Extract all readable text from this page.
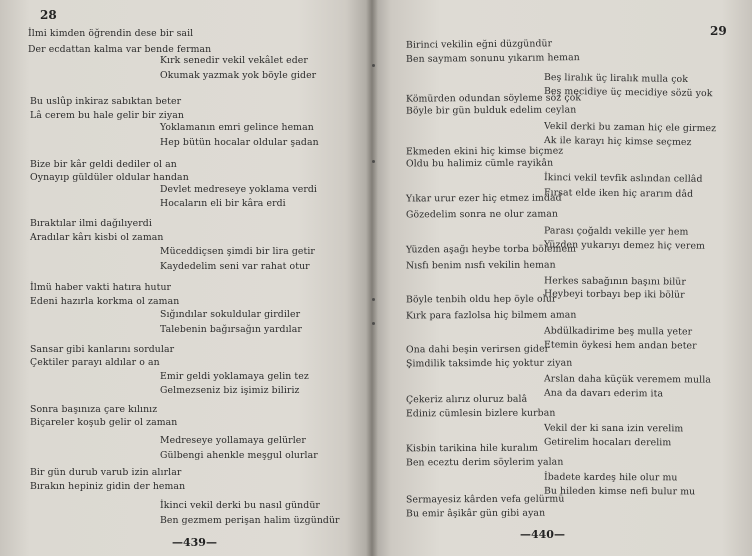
28
İlmi kimden öğrendin dese bir sail
Der ecdattan kalma var bende ferman
Kırk senedir vekil vekâlet eder
Okumak yazmak yok böyle gider
Bu uslûp inkiraz sabıktan beter
Lâ cerem bu hale gelir bir ziyan
Yoklamanın emri gelince heman
Hep bütün hocalar oldular şadan
Bize bir kâr geldi dediler ol an
Oynayıp güldüler oldular handan
Devlet medreseye yoklama verdi
Hocaların eli bir kâra erdi
Bıraktılar ilmi dağılıyerdi
Aradılar kârı kisbi ol zaman
Müceddiçsen şimdi bir lira getir
Kaydedelim seni var rahat otur
İlmü haber vakti hatıra hutur
Edeni hazırla korkma ol zaman
Sığındılar sokuldular girdiler
Talebenin bağırsağın yardılar
Sansar gibi kanlarını sordular
Çektiler parayı aldılar o an
Emir geldi yoklamaya gelin tez
Gelmezseniz biz işimiz biliriz
Sonra başınıza çare kılınız
Biçareler koşub gelir ol zaman
Medreseye yollamaya gelürler
Gülbengi ahenkle meşgul olurlar
Bir gün durub varub izin alırlar
Bırakın hepiniz gidin der heman
İkinci vekil derki bu nasıl gündür
Ben gezmem perişan halim üzgündür
—439—
29
Birinci vekilin eğni düzgündür
Ben saymam sonunu yıkarım heman
Beş liralık üç liralık mulla çok
Beş mecidiye üç mecidiye sözü yok
Kömürden odundan söyleme söz çok
Böyle bir gün bulduk edelim ceylan
Vekil derki bu zaman hiç ele girmez
Ak ile karayı hiç kimse seçmez
Ekmeden ekini hiç kimse biçmez
Oldu bu halimiz cümle rayikân
İkinci vekil tevfik aslından cellâd
Fırsat elde iken hiç ararım dâd
Yıkar urur ezer hiç etmez imdad
Gözedelim sonra ne olur zaman
Parası çoğaldı vekille yer hem
Yüzden yukarıyı demez hiç verem
Yüzden aşağı heybe torba bölemem
Nısfı benim nısfı vekilin heman
Herkes sabağının başını bilür
Heybeyi torbayı bep iki bölür
Böyle tenbih oldu hep öyle olur
Kırk para fazlolsа hiç bilmem aman
Abdülkadirime beş mulla yeter
Etemin öykesi hem andan beter
Ona dahi beşin verirsen gider
Şimdilik taksimde hiç yoktur ziyan
Arslan daha küçük veremem mulla
Ana da davarı ederim ita
Çekeriz alırız oluruz balâ
Ediniz cümlesin bizlere kurban
Vekil der ki sana izin verelim
Getirelim hocaları derelim
Kisbin tarikina hile kuralım
Ben eceztu derim söylerim yalan
İbadete kardeş hile olur mu
Bu hileden kimse nefi bulur mu
Sermayesiz kârden vefa gelürmü
Bu emir âşikâr gün gibi ayan
—440—
